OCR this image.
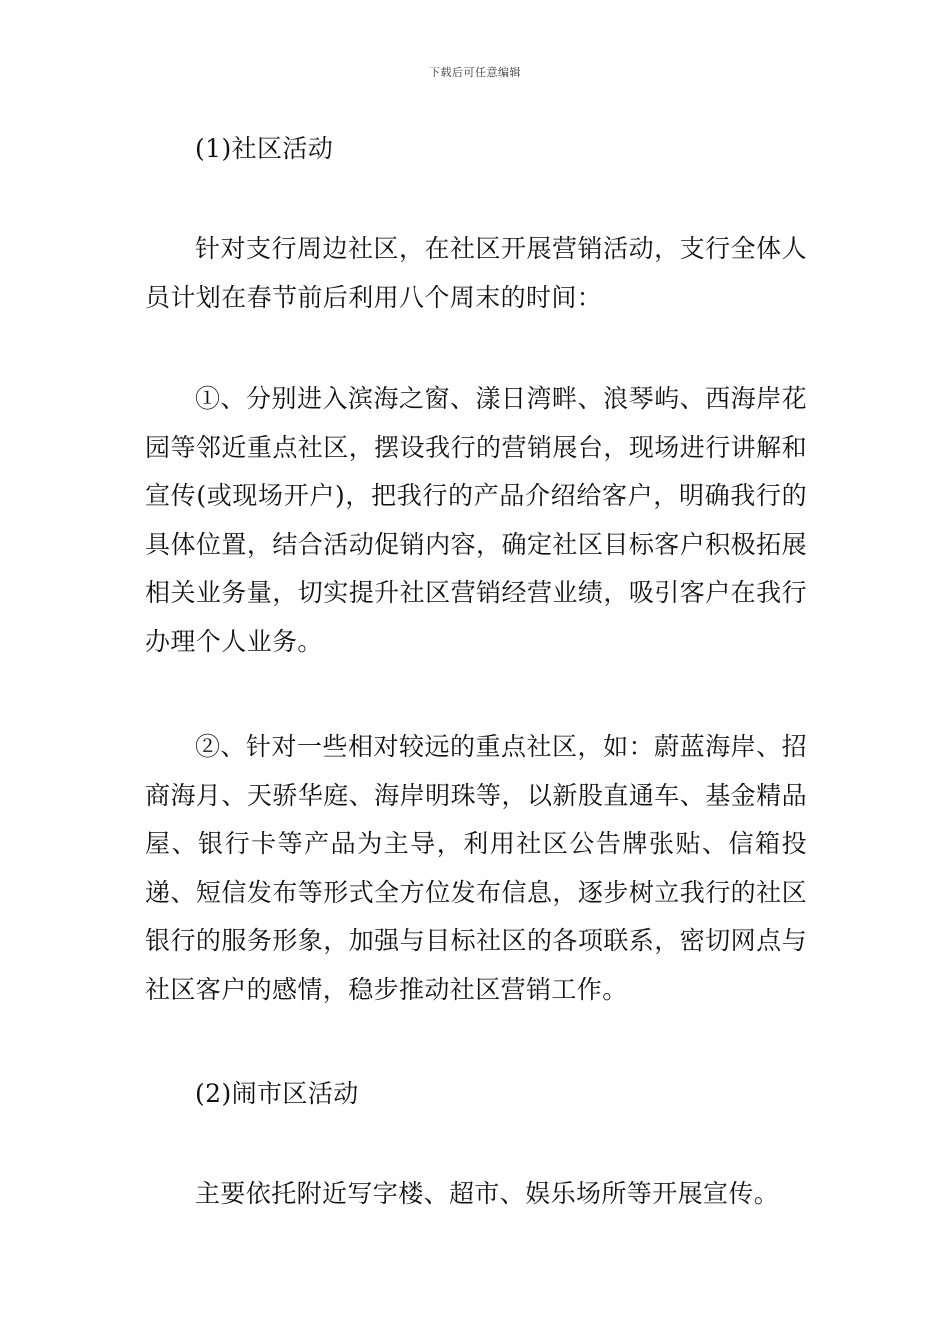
下载后可任意编辑

(1)社区活动

针对支行周边社区，在社区开展营销活动，支行全体人员计划在春节前后利用八个周末的时间：

①、分别进入滨海之窗、漾日湾畔、浪琴屿、西海岸花园等邻近重点社区，摆设我行的营销展台，现场进行讲解和宣传(或现场开户)，把我行的产品介绍给客户，明确我行的具体位置，结合活动促销内容，确定社区目标客户积极拓展相关业务量，切实提升社区营销经营业绩，吸引客户在我行办理个人业务。

②、针对一些相对较远的重点社区，如：蔚蓝海岸、招商海月、天骄华庭、海岸明珠等，以新股直通车、基金精品屋、银行卡等产品为主导，利用社区公告牌张贴、信箱投递、短信发布等形式全方位发布信息，逐步树立我行的社区银行的服务形象，加强与目标社区的各项联系，密切网点与社区客户的感情，稳步推动社区营销工作。

(2)闹市区活动

主要依托附近写字楼、超市、娱乐场所等开展宣传。
